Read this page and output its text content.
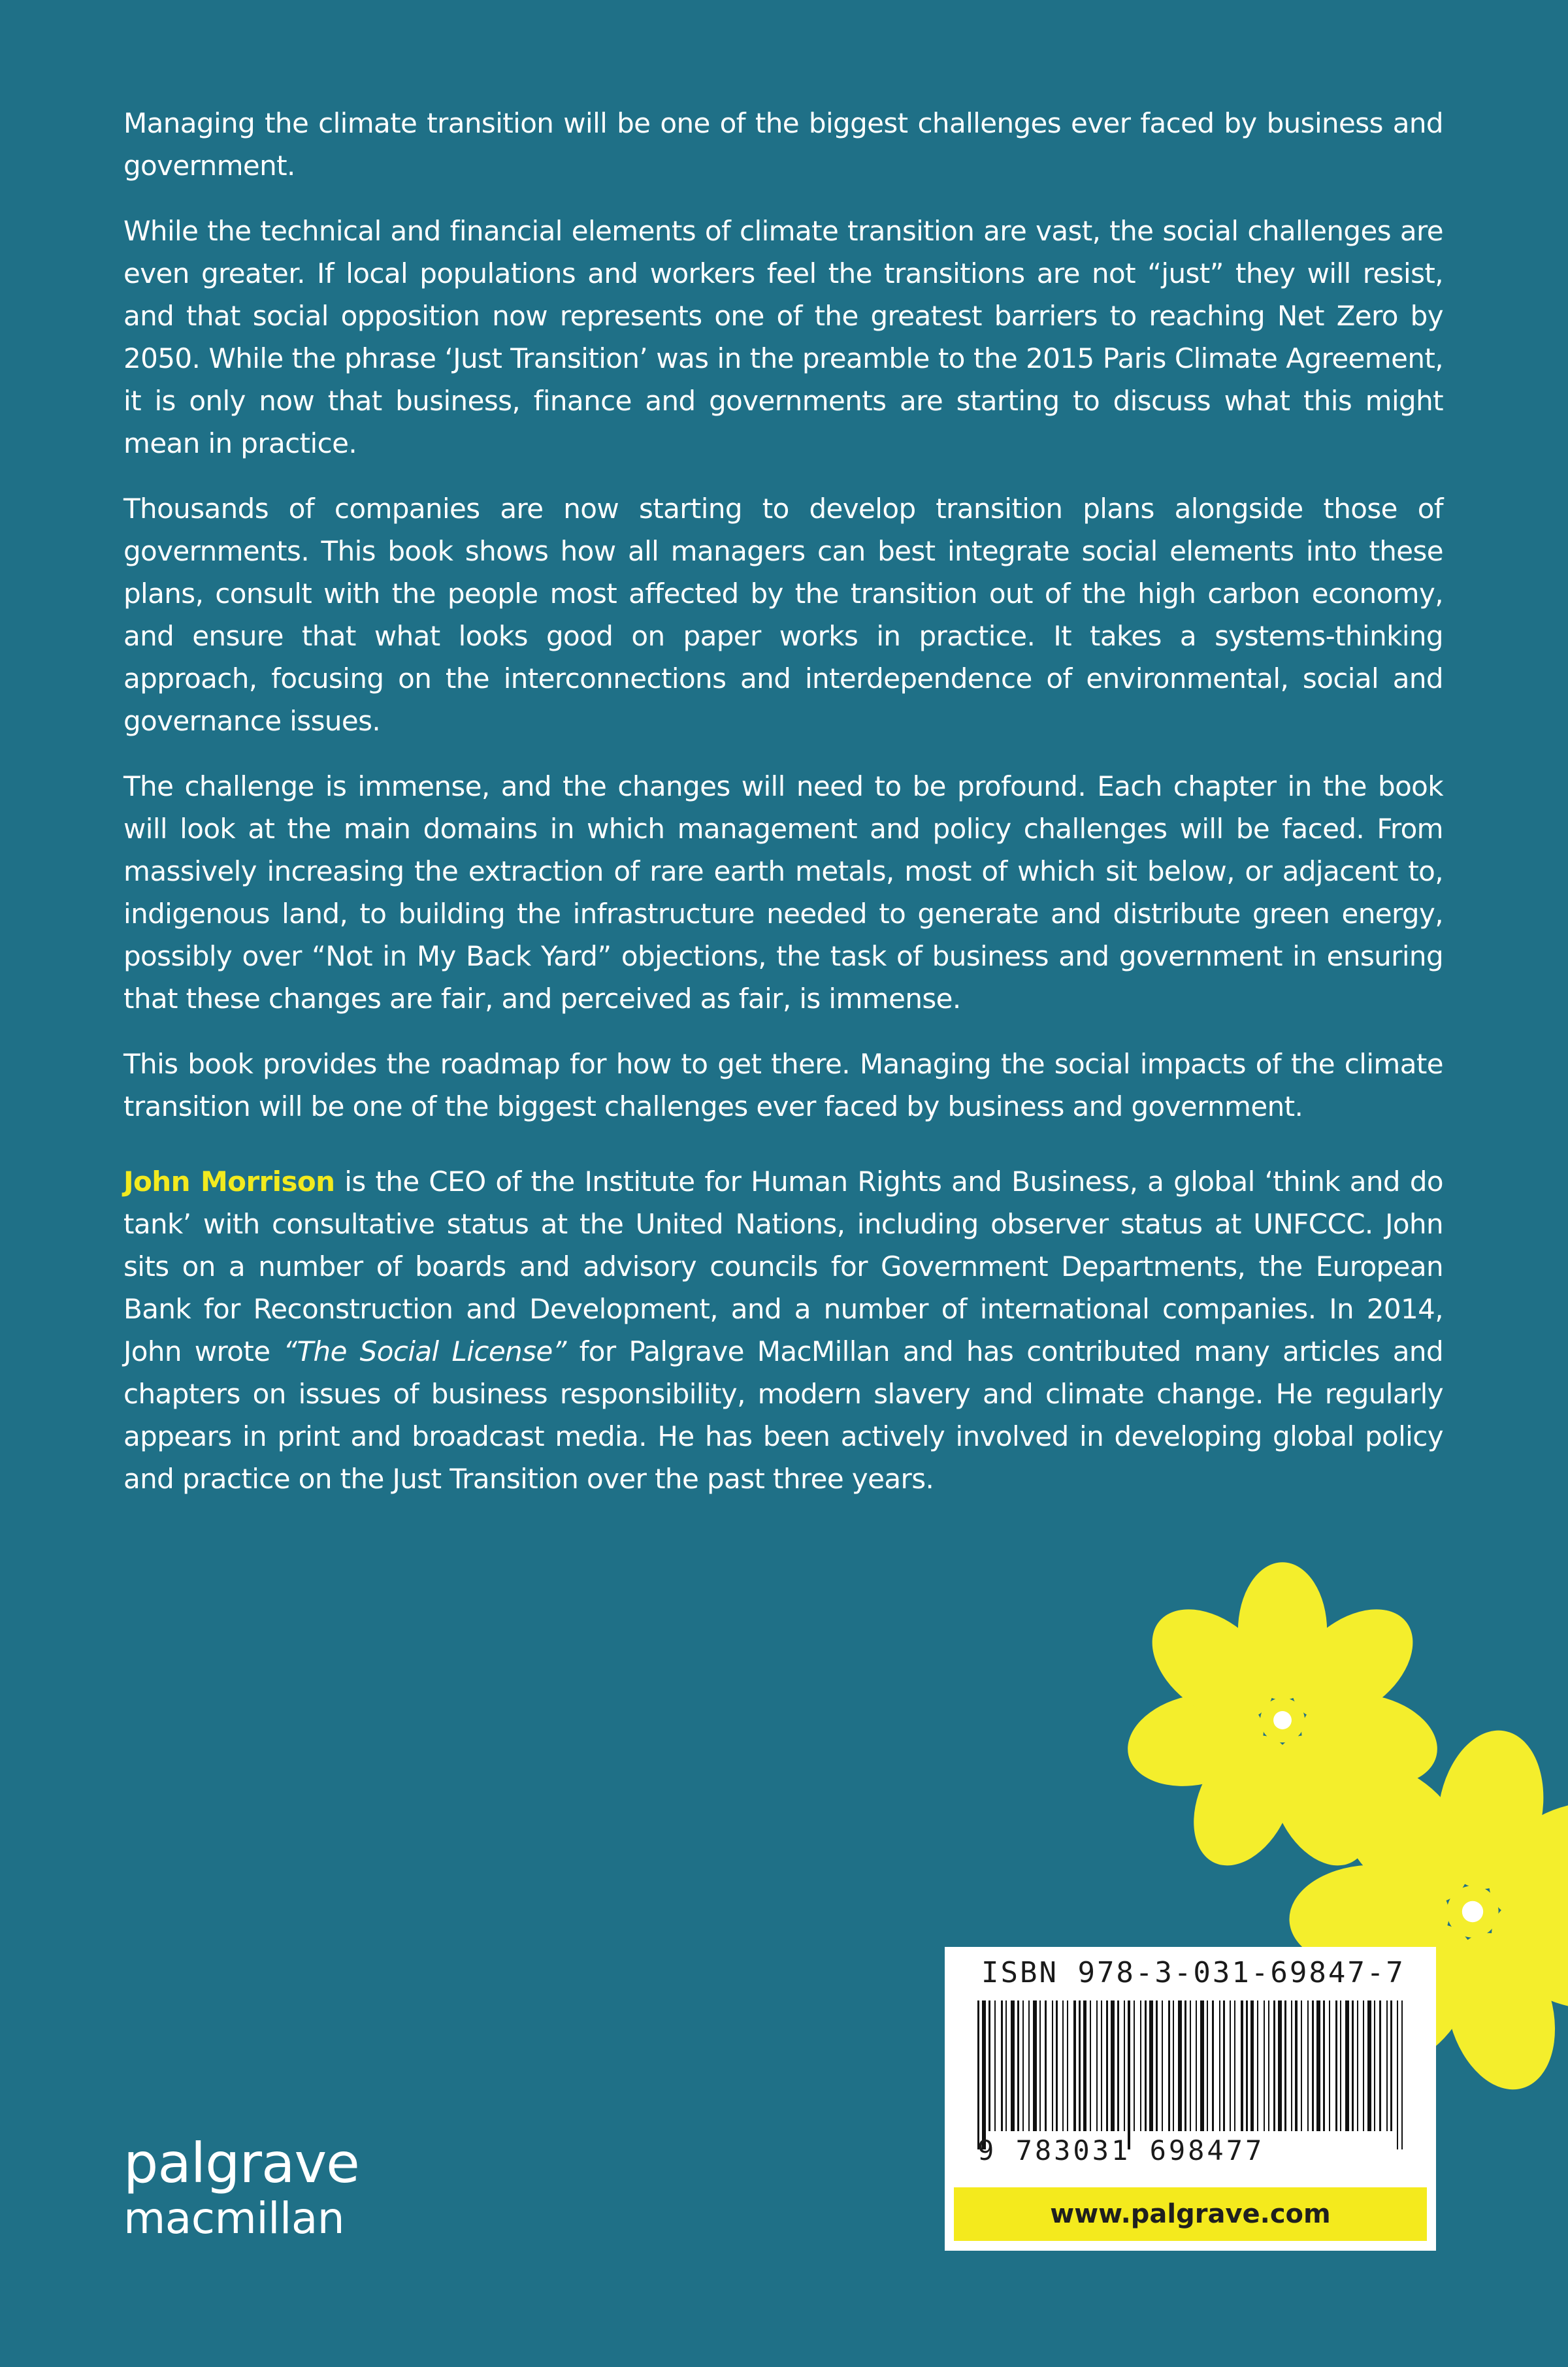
Managing the climate transition will be one of the biggest challenges ever faced by business and government.

While the technical and financial elements of climate transition are vast, the social challenges are even greater. If local populations and workers feel the transitions are not “just” they will resist, and that social opposition now represents one of the greatest barriers to reaching Net Zero by 2050. While the phrase ‘Just Transition’ was in the preamble to the 2015 Paris Climate Agreement, it is only now that business, finance and governments are starting to discuss what this might mean in practice.

Thousands of companies are now starting to develop transition plans alongside those of governments. This book shows how all managers can best integrate social elements into these plans, consult with the people most affected by the transition out of the high carbon economy, and ensure that what looks good on paper works in practice. It takes a systems-thinking approach, focusing on the interconnections and interdependence of environmental, social and governance issues.

The challenge is immense, and the changes will need to be profound. Each chapter in the book will look at the main domains in which management and policy challenges will be faced. From massively increasing the extraction of rare earth metals, most of which sit below, or adjacent to, indigenous land, to building the infrastructure needed to generate and distribute green energy, possibly over “Not in My Back Yard” objections, the task of business and government in ensuring that these changes are fair, and perceived as fair, is immense.

This book provides the roadmap for how to get there. Managing the social impacts of the climate transition will be one of the biggest challenges ever faced by business and government.

John Morrison is the CEO of the Institute for Human Rights and Business, a global ‘think and do tank’ with consultative status at the United Nations, including observer status at UNFCCC. John sits on a number of boards and advisory councils for Government Departments, the European Bank for Reconstruction and Development, and a number of international companies. In 2014, John wrote “The Social License” for Palgrave MacMillan and has contributed many articles and chapters on issues of business responsibility, modern slavery and climate change. He regularly appears in print and broadcast media. He has been actively involved in developing global policy and practice on the Just Transition over the past three years.

ISBN 978-3-031-69847-7
9 783031 698477
www.palgrave.com
palgrave
macmillan
